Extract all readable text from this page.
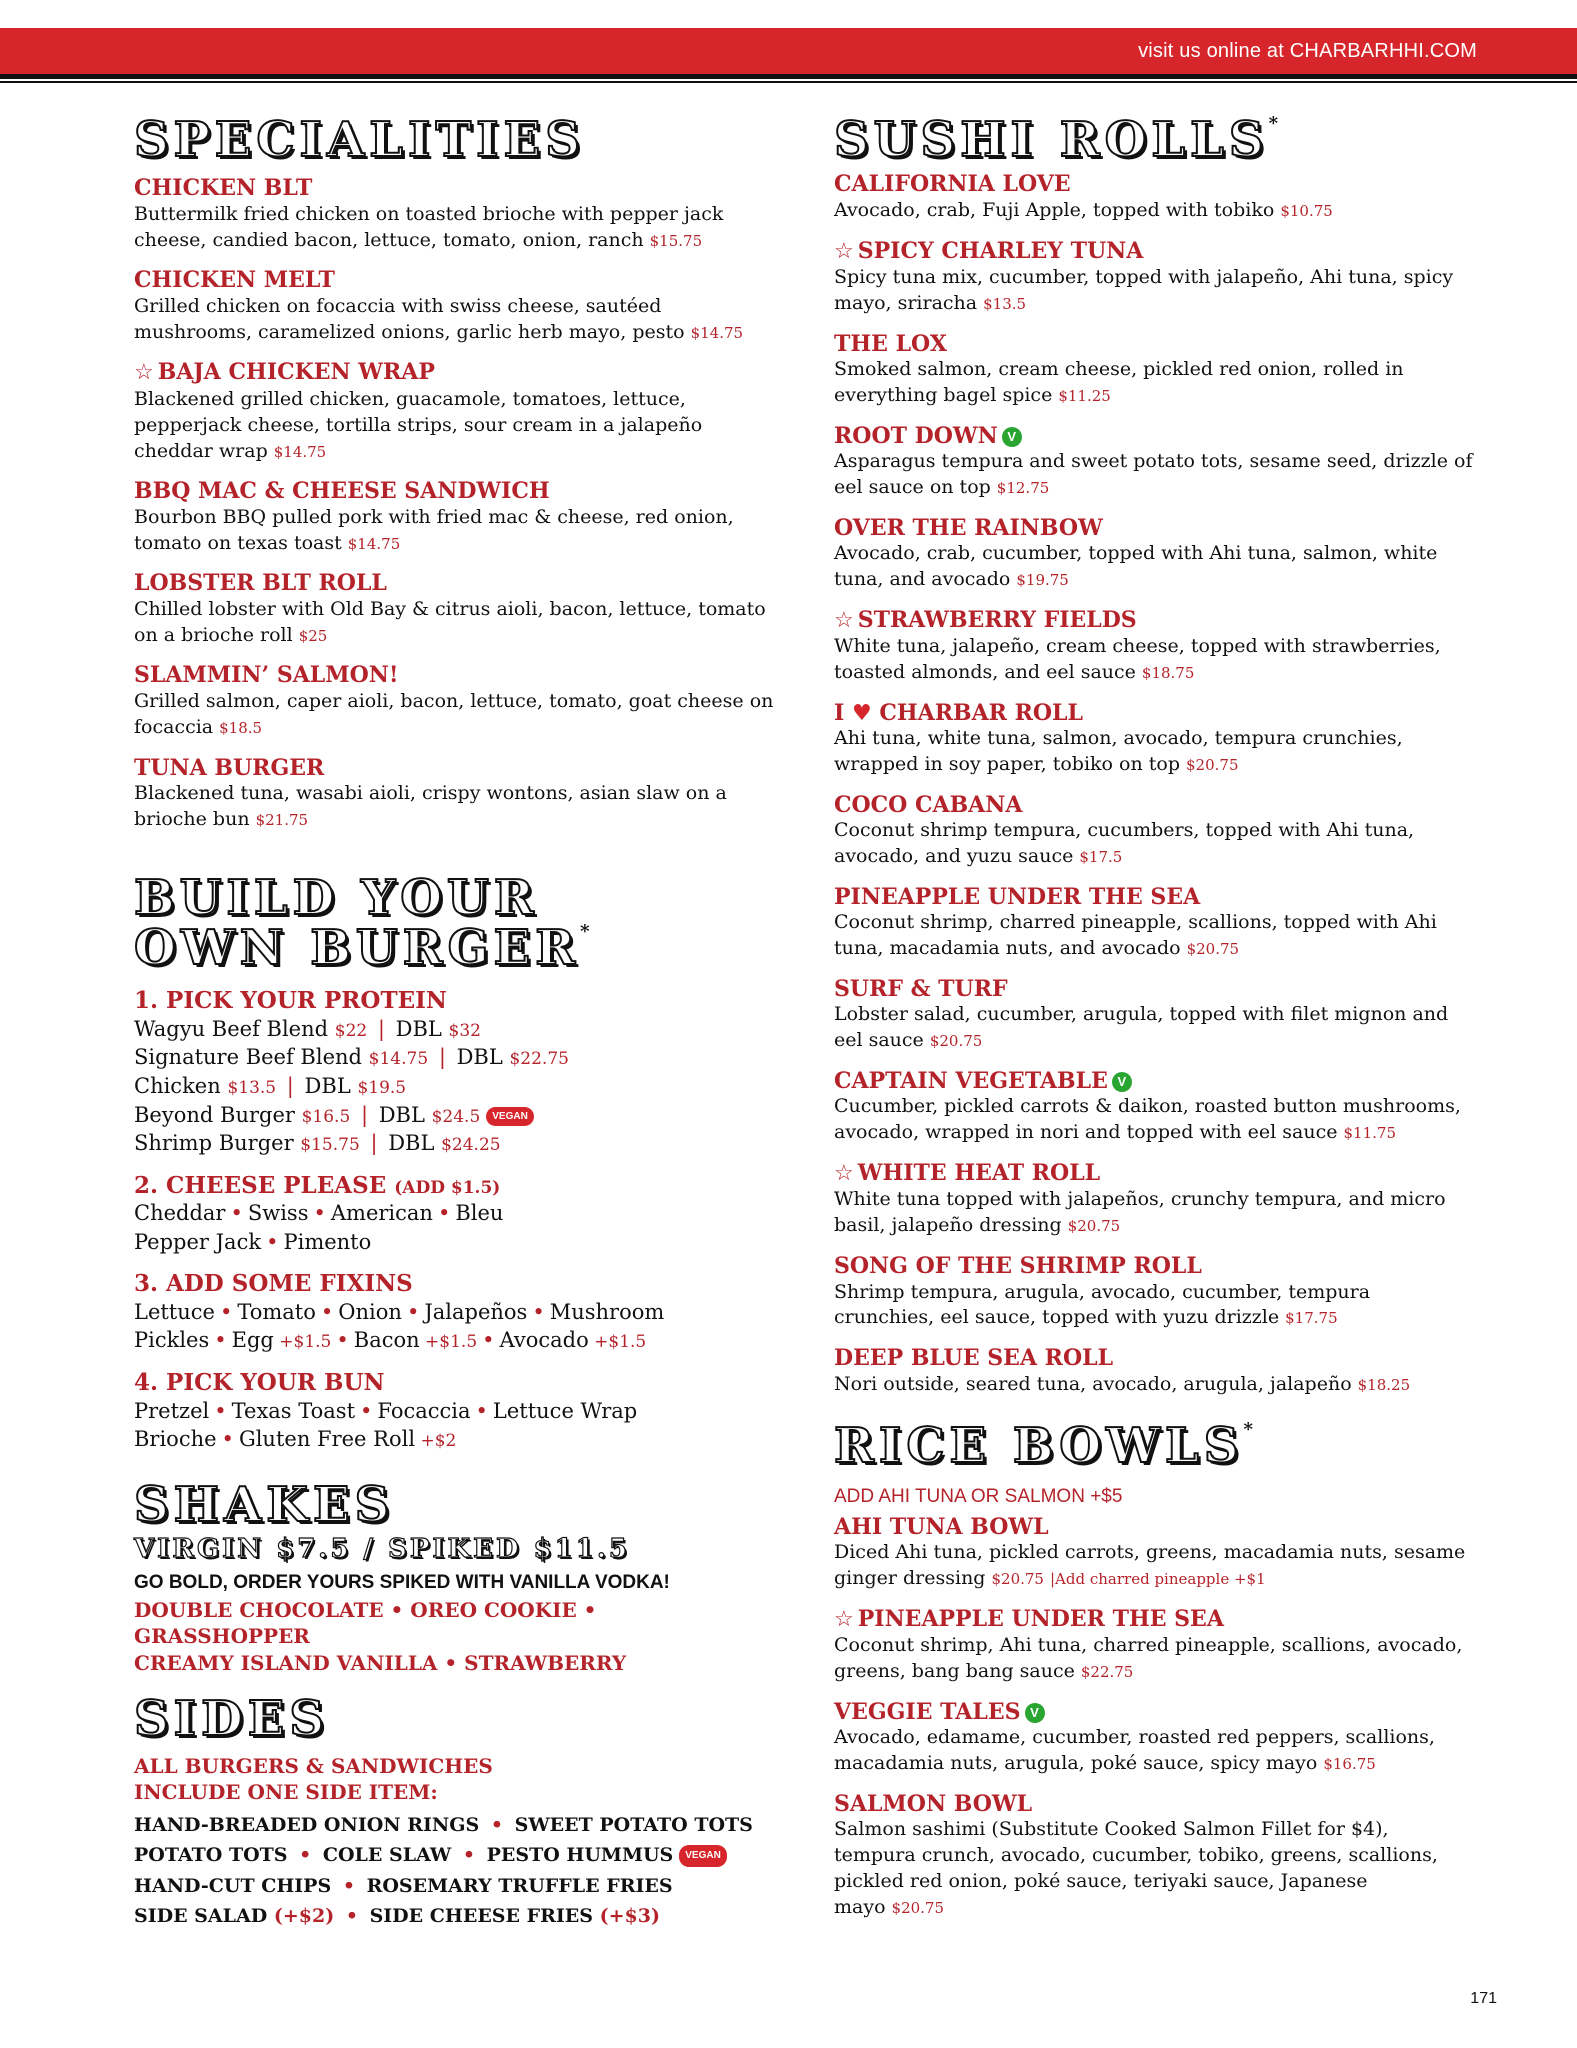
visit us online at CHARBARHHI.COM
SPECIALITIES
CHICKEN BLT
Buttermilk fried chicken on toasted brioche with pepper jack cheese, candied bacon, lettuce, tomato, onion, ranch $15.75
CHICKEN MELT
Grilled chicken on focaccia with swiss cheese, sautéed mushrooms, caramelized onions, garlic herb mayo, pesto $14.75
☆ BAJA CHICKEN WRAP
Blackened grilled chicken, guacamole, tomatoes, lettuce, pepperjack cheese, tortilla strips, sour cream in a jalapeño cheddar wrap $14.75
BBQ MAC & CHEESE SANDWICH
Bourbon BBQ pulled pork with fried mac & cheese, red onion, tomato on texas toast $14.75
LOBSTER BLT ROLL
Chilled lobster with Old Bay & citrus aioli, bacon, lettuce, tomato on a brioche roll $25
SLAMMIN’ SALMON!
Grilled salmon, caper aioli, bacon, lettuce, tomato, goat cheese on focaccia $18.5
TUNA BURGER
Blackened tuna, wasabi aioli, crispy wontons, asian slaw on a brioche bun $21.75
BUILD YOUR
OWN BURGER*
1. PICK YOUR PROTEIN
Wagyu Beef Blend $22 | DBL $32
Signature Beef Blend $14.75 | DBL $22.75
Chicken $13.5 | DBL $19.5
Beyond Burger $16.5 | DBL $24.5 VEGAN
Shrimp Burger $15.75 | DBL $24.25
2. CHEESE PLEASE (ADD $1.5)
Cheddar • Swiss • American • Bleu
Pepper Jack • Pimento
3. ADD SOME FIXINS
Lettuce • Tomato • Onion • Jalapeños • Mushroom
Pickles • Egg +$1.5 • Bacon +$1.5 • Avocado +$1.5
4. PICK YOUR BUN
Pretzel • Texas Toast • Focaccia • Lettuce Wrap
Brioche • Gluten Free Roll +$2
SHAKES
VIRGIN $7.5 / SPIKED $11.5
GO BOLD, ORDER YOURS SPIKED WITH VANILLA VODKA!
DOUBLE CHOCOLATE • OREO COOKIE • GRASSHOPPER
CREAMY ISLAND VANILLA • STRAWBERRY
SIDES
ALL BURGERS & SANDWICHES
INCLUDE ONE SIDE ITEM:
HAND-BREADED ONION RINGS • SWEET POTATO TOTS
POTATO TOTS • COLE SLAW • PESTO HUMMUS VEGAN
HAND-CUT CHIPS • ROSEMARY TRUFFLE FRIES
SIDE SALAD (+$2) • SIDE CHEESE FRIES (+$3)
SUSHI ROLLS*
CALIFORNIA LOVE
Avocado, crab, Fuji Apple, topped with tobiko $10.75
☆ SPICY CHARLEY TUNA
Spicy tuna mix, cucumber, topped with jalapeño, Ahi tuna, spicy mayo, sriracha $13.5
THE LOX
Smoked salmon, cream cheese, pickled red onion, rolled in everything bagel spice $11.25
ROOT DOWN V
Asparagus tempura and sweet potato tots, sesame seed, drizzle of eel sauce on top $12.75
OVER THE RAINBOW
Avocado, crab, cucumber, topped with Ahi tuna, salmon, white tuna, and avocado $19.75
☆ STRAWBERRY FIELDS
White tuna, jalapeño, cream cheese, topped with strawberries, toasted almonds, and eel sauce $18.75
I ♥ CHARBAR ROLL
Ahi tuna, white tuna, salmon, avocado, tempura crunchies, wrapped in soy paper, tobiko on top $20.75
COCO CABANA
Coconut shrimp tempura, cucumbers, topped with Ahi tuna, avocado, and yuzu sauce $17.5
PINEAPPLE UNDER THE SEA
Coconut shrimp, charred pineapple, scallions, topped with Ahi tuna, macadamia nuts, and avocado $20.75
SURF & TURF
Lobster salad, cucumber, arugula, topped with filet mignon and eel sauce $20.75
CAPTAIN VEGETABLE V
Cucumber, pickled carrots & daikon, roasted button mushrooms, avocado, wrapped in nori and topped with eel sauce $11.75
☆ WHITE HEAT ROLL
White tuna topped with jalapeños, crunchy tempura, and micro basil, jalapeño dressing $20.75
SONG OF THE SHRIMP ROLL
Shrimp tempura, arugula, avocado, cucumber, tempura crunchies, eel sauce, topped with yuzu drizzle $17.75
DEEP BLUE SEA ROLL
Nori outside, seared tuna, avocado, arugula, jalapeño $18.25
RICE BOWLS*
ADD AHI TUNA OR SALMON +$5
AHI TUNA BOWL
Diced Ahi tuna, pickled carrots, greens, macadamia nuts, sesame ginger dressing $20.75 |Add charred pineapple +$1
☆ PINEAPPLE UNDER THE SEA
Coconut shrimp, Ahi tuna, charred pineapple, scallions, avocado, greens, bang bang sauce $22.75
VEGGIE TALES V
Avocado, edamame, cucumber, roasted red peppers, scallions, macadamia nuts, arugula, poké sauce, spicy mayo $16.75
SALMON BOWL
Salmon sashimi (Substitute Cooked Salmon Fillet for $4), tempura crunch, avocado, cucumber, tobiko, greens, scallions, pickled red onion, poké sauce, teriyaki sauce, Japanese mayo $20.75
171
